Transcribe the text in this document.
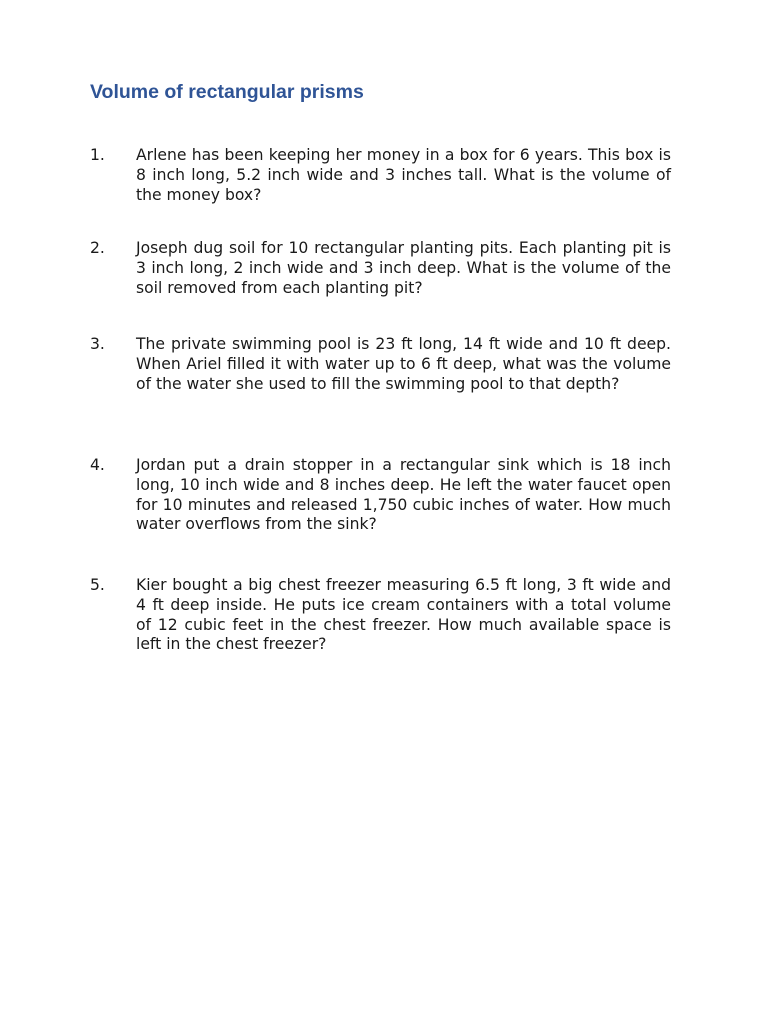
Volume of rectangular prisms
1.	Arlene has been keeping her money in a box for 6 years. This box is 8 inch long, 5.2 inch wide and 3 inches tall. What is the volume of the money box?
2.	Joseph dug soil for 10 rectangular planting pits. Each planting pit is 3 inch long, 2 inch wide and 3 inch deep. What is the volume of the soil removed from each planting pit?
3.	The private swimming pool is 23 ft long, 14 ft wide and 10 ft deep. When Ariel filled it with water up to 6 ft deep, what was the volume of the water she used to fill the swimming pool to that depth?
4.	Jordan put a drain stopper in a rectangular sink which is 18 inch long, 10 inch wide and 8 inches deep. He left the water faucet open for 10 minutes and released 1,750 cubic inches of water. How much water overflows from the sink?
5.	Kier bought a big chest freezer measuring 6.5 ft long, 3 ft wide and 4 ft deep inside. He puts ice cream containers with a total volume of 12 cubic feet in the chest freezer. How much available space is left in the chest freezer?
